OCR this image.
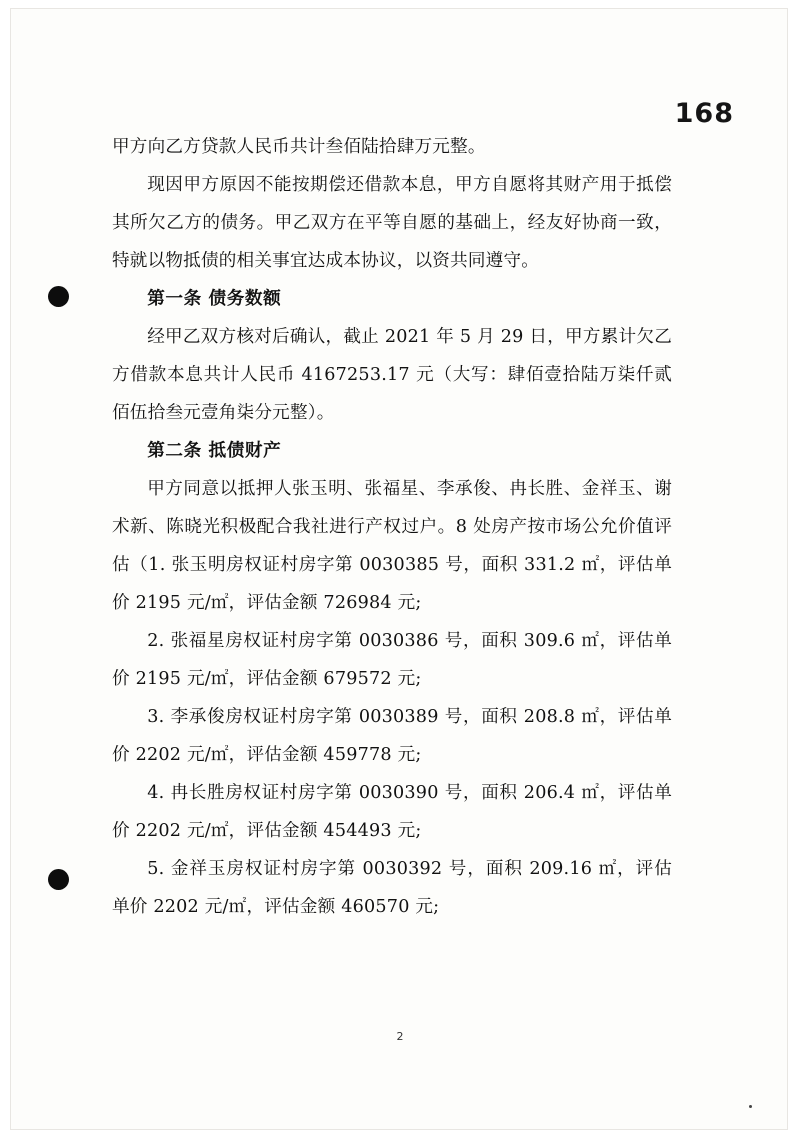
168

甲方向乙方贷款人民币共计叁佰陆拾肆万元整。

现因甲方原因不能按期偿还借款本息，甲方自愿将其财产用于抵偿其所欠乙方的债务。甲乙双方在平等自愿的基础上，经友好协商一致，特就以物抵债的相关事宜达成本协议，以资共同遵守。

第一条 债务数额

经甲乙双方核对后确认，截止 2021 年 5 月 29 日，甲方累计欠乙方借款本息共计人民币 4167253.17 元（大写：肆佰壹拾陆万柒仟贰佰伍拾叁元壹角柒分元整）。

第二条 抵债财产

甲方同意以抵押人张玉明、张福星、李承俊、冉长胜、金祥玉、谢术新、陈晓光积极配合我社进行产权过户。8 处房产按市场公允价值评估（1. 张玉明房权证村房字第 0030385 号，面积 331.2 ㎡，评估单价 2195 元/㎡，评估金额 726984 元;

2. 张福星房权证村房字第 0030386 号，面积 309.6 ㎡，评估单价 2195 元/㎡，评估金额 679572 元;

3. 李承俊房权证村房字第 0030389 号，面积 208.8 ㎡，评估单价 2202 元/㎡，评估金额 459778 元;

4. 冉长胜房权证村房字第 0030390 号，面积 206.4 ㎡，评估单价 2202 元/㎡，评估金额 454493 元;

5. 金祥玉房权证村房字第 0030392 号，面积 209.16 ㎡，评估单价 2202 元/㎡，评估金额 460570 元;

2
